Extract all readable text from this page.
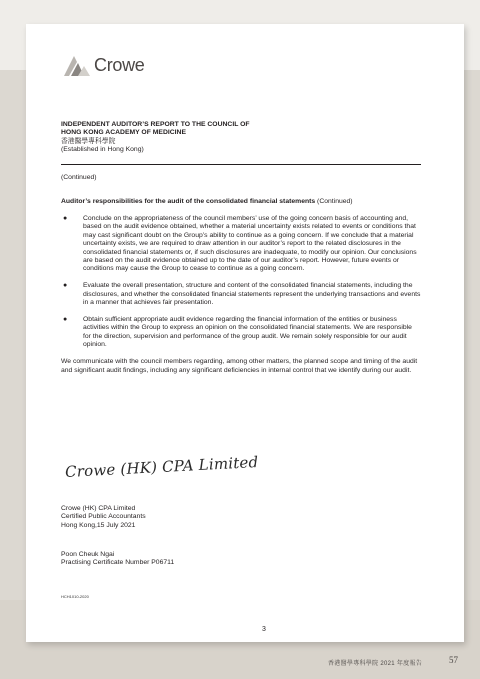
Crowe
INDEPENDENT AUDITOR’S REPORT TO THE COUNCIL OF
HONG KONG ACADEMY OF MEDICINE
香港醫學專科學院
(Established in Hong Kong)
(Continued)
Auditor’s responsibilities for the audit of the consolidated financial statements (Continued)
● Conclude on the appropriateness of the council members’ use of the going concern basis of accounting and, based on the audit evidence obtained, whether a material uncertainty exists related to events or conditions that may cast significant doubt on the Group’s ability to continue as a going concern. If we conclude that a material uncertainty exists, we are required to draw attention in our auditor’s report to the related disclosures in the consolidated financial statements or, if such disclosures are inadequate, to modify our opinion. Our conclusions are based on the audit evidence obtained up to the date of our auditor’s report. However, future events or conditions may cause the Group to cease to continue as a going concern.
● Evaluate the overall presentation, structure and content of the consolidated financial statements, including the disclosures, and whether the consolidated financial statements represent the underlying transactions and events in a manner that achieves fair presentation.
● Obtain sufficient appropriate audit evidence regarding the financial information of the entities or business activities within the Group to express an opinion on the consolidated financial statements. We are responsible for the direction, supervision and performance of the group audit. We remain solely responsible for our audit opinion.
We communicate with the council members regarding, among other matters, the planned scope and timing of the audit and significant audit findings, including any significant deficiencies in internal control that we identify during our audit.
Crowe (HK) CPA Limited
Crowe (HK) CPA Limited
Certified Public Accountants
Hong Kong,15 July 2021
Poon Cheuk Ngai
Practising Certificate Number P06711
HCH1010-2020
3
香港醫學專科學院 2021 年度報告	57
